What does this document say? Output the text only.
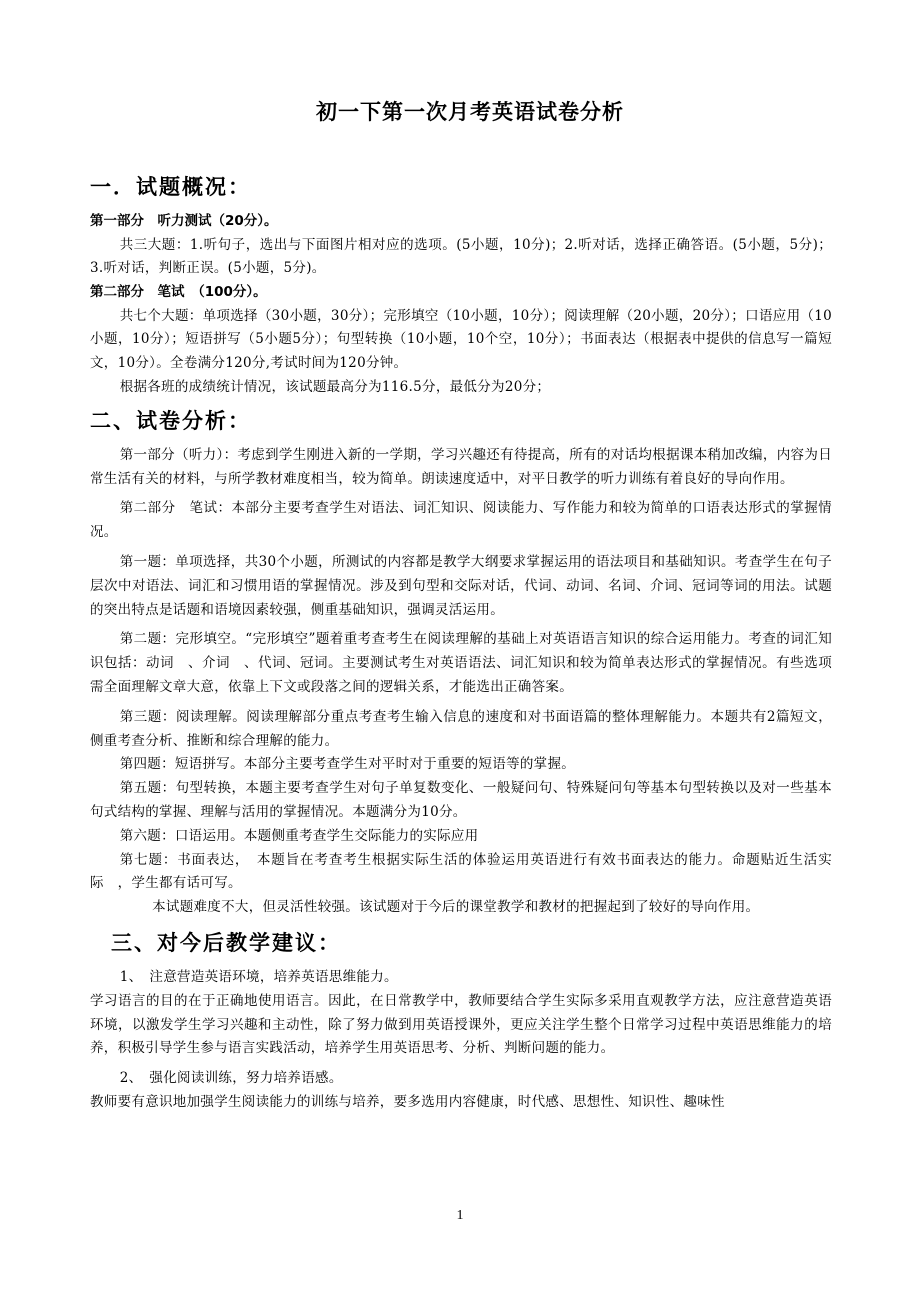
初一下第一次月考英语试卷分析
一．试题概况：

第一部分　听力测试（20分）。

共三大题：1.听句子，选出与下面图片相对应的选项。(5小题，10分)；2.听对话，选择正确答语。(5小题，5分)；3.听对话，判断正误。(5小题，5分)。

第二部分　笔试　（100分）。

共七个大题：单项选择（30小题，30分）；完形填空（10小题，10分）；阅读理解（20小题，20分）；口语应用（10小题，10分）；短语拼写（5小题5分）；句型转换（10小题，10个空，10分）；书面表达（根据表中提供的信息写一篇短文，10分）。全卷满分120分,考试时间为120分钟。

根据各班的成绩统计情况，该试题最高分为116.5分，最低分为20分；

二、试卷分析：

第一部分（听力）：考虑到学生刚进入新的一学期，学习兴趣还有待提高，所有的对话均根据课本稍加改编，内容为日常生活有关的材料，与所学教材难度相当，较为简单。朗读速度适中，对平日教学的听力训练有着良好的导向作用。

第二部分　笔试：本部分主要考查学生对语法、词汇知识、阅读能力、写作能力和较为简单的口语表达形式的掌握情况。

第一题：单项选择，共30个小题，所测试的内容都是教学大纲要求掌握运用的语法项目和基础知识。考查学生在句子层次中对语法、词汇和习惯用语的掌握情况。涉及到句型和交际对话，代词、动词、名词、介词、冠词等词的用法。试题的突出特点是话题和语境因素较强，侧重基础知识，强调灵活运用。

第二题：完形填空。“完形填空”题着重考查考生在阅读理解的基础上对英语语言知识的综合运用能力。考查的词汇知识包括：动词　、介词　、代词、冠词。主要测试考生对英语语法、词汇知识和较为简单表达形式的掌握情况。有些选项需全面理解文章大意，依靠上下文或段落之间的逻辑关系，才能选出正确答案。

第三题：阅读理解。阅读理解部分重点考查考生输入信息的速度和对书面语篇的整体理解能力。本题共有2篇短文，侧重考查分析、推断和综合理解的能力。

第四题：短语拼写。本部分主要考查学生对平时对于重要的短语等的掌握。

第五题：句型转换，本题主要考查学生对句子单复数变化、一般疑问句、特殊疑问句等基本句型转换以及对一些基本句式结构的掌握、理解与活用的掌握情况。本题满分为10分。

第六题：口语运用。本题侧重考查学生交际能力的实际应用

第七题：书面表达，　本题旨在考查考生根据实际生活的体验运用英语进行有效书面表达的能力。命题贴近生活实际　，学生都有话可写。

本试题难度不大，但灵活性较强。该试题对于今后的课堂教学和教材的把握起到了较好的导向作用。

三、对今后教学建议：

1、　注意营造英语环境，培养英语思维能力。

学习语言的目的在于正确地使用语言。因此，在日常教学中，教师要结合学生实际多采用直观教学方法，应注意营造英语环境，以激发学生学习兴趣和主动性，除了努力做到用英语授课外，更应关注学生整个日常学习过程中英语思维能力的培养，积极引导学生参与语言实践活动，培养学生用英语思考、分析、判断问题的能力。

2、　强化阅读训练，努力培养语感。

教师要有意识地加强学生阅读能力的训练与培养，要多选用内容健康，时代感、思想性、知识性、趣味性

1
